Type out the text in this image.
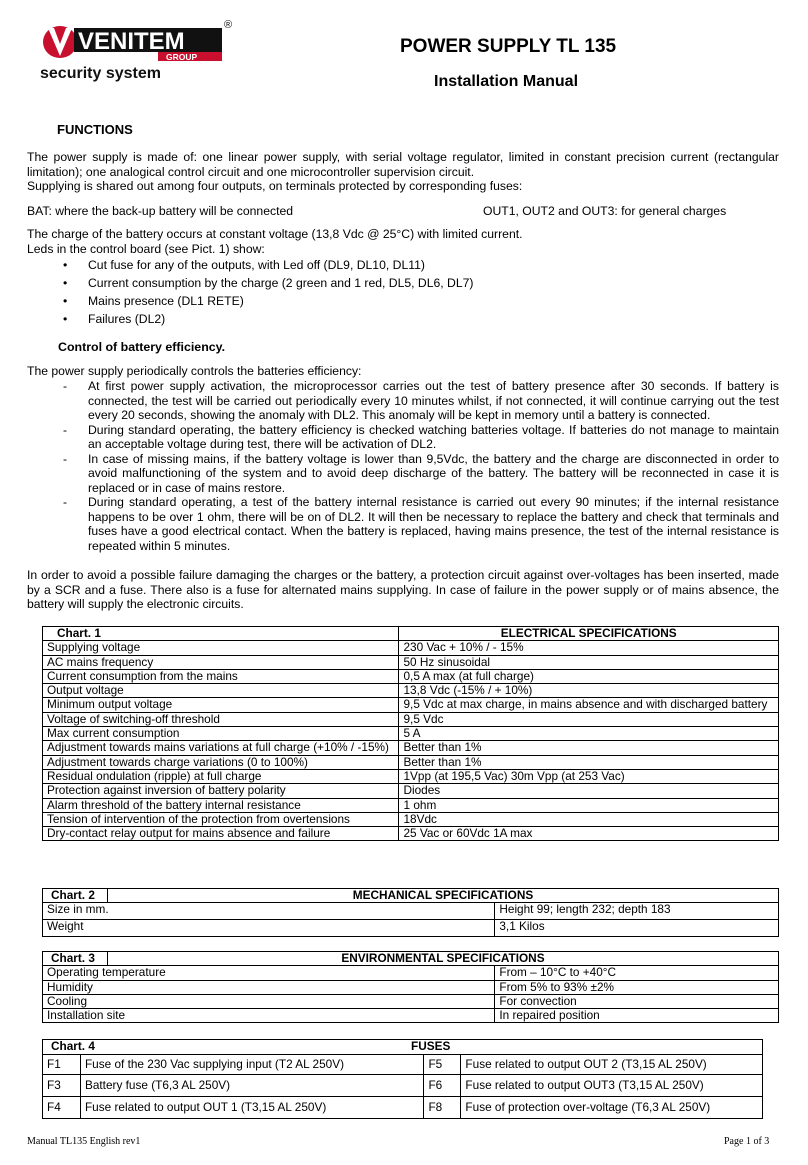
VENITEM
GROUP
security system
®
POWER SUPPLY TL 135
Installation Manual
FUNCTIONS

The power supply is made of: one linear power supply, with serial voltage regulator, limited in constant precision current (rectangular limitation); one analogical control circuit and one microcontroller supervision circuit.

Supplying is shared out among four outputs, on terminals protected by corresponding fuses:

BAT: where the back-up battery will be connected	OUT1, OUT2 and OUT3: for general charges

The charge of the battery occurs at constant voltage (13,8 Vdc @ 25°C) with limited current.

Leds in the control board (see Pict. 1) show:

• Cut fuse for any of the outputs, with Led off (DL9, DL10, DL11)
• Current consumption by the charge (2 green and 1 red, DL5, DL6, DL7)
• Mains presence (DL1 RETE)
• Failures (DL2)
Control of battery efficiency.
The power supply periodically controls the batteries efficiency:

- At first power supply activation, the microprocessor carries out the test of battery presence after 30 seconds. If battery is connected, the test will be carried out periodically every 10 minutes whilst, if not connected, it will continue carrying out the test every 20 seconds, showing the anomaly with DL2. This anomaly will be kept in memory until a battery is connected.

- During standard operating, the battery efficiency is checked watching batteries voltage. If batteries do not manage to maintain an acceptable voltage during test, there will be activation of DL2.

- In case of missing mains, if the battery voltage is lower than 9,5Vdc, the battery and the charge are disconnected in order to avoid malfunctioning of the system and to avoid deep discharge of the battery. The battery will be reconnected in case it is replaced or in case of mains restore.

- During standard operating, a test of the battery internal resistance is carried out every 90 minutes; if the internal resistance happens to be over 1 ohm, there will be on of DL2. It will then be necessary to replace the battery and check that terminals and fuses have a good electrical contact. When the battery is replaced, having mains presence, the test of the internal resistance is repeated within 5 minutes.

In order to avoid a possible failure damaging the charges or the battery, a protection circuit against over-voltages has been inserted, made by a SCR and a fuse. There also is a fuse for alternated mains supplying. In case of failure in the power supply or of mains absence, the battery will supply the electronic circuits.
Chart. 1	ELECTRICAL SPECIFICATIONS
Supplying voltage	230 Vac + 10% / - 15%
AC mains frequency	50 Hz sinusoidal
Current consumption from the mains	0,5 A max (at full charge)
Output voltage	13,8 Vdc (-15% / + 10%)
Minimum output voltage	9,5 Vdc at max charge, in mains absence and with discharged battery
Voltage of switching-off threshold	9,5 Vdc
Max current consumption	5 A
Adjustment towards mains variations at full charge (+10% / -15%)	Better than 1%
Adjustment towards charge variations (0 to 100%)	Better than 1%
Residual ondulation (ripple) at full charge	1Vpp (at 195,5 Vac) 30m Vpp (at 253 Vac)
Protection against inversion of battery polarity	Diodes
Alarm threshold of the battery internal resistance	1 ohm
Tension of intervention of the protection from overtensions	18Vdc
Dry-contact relay output for mains absence and failure	25 Vac or 60Vdc 1A max
Chart. 2	MECHANICAL SPECIFICATIONS	
Size in mm.		Height 99; length 232; depth 183
Weight		3,1 Kilos
Chart. 3	ENVIRONMENTAL SPECIFICATIONS	
Operating temperature		From – 10°C to +40°C
Humidity		From 5% to 93% ±2%
Cooling		For convection
Installation site		In repaired position
Chart. 4 FUSES			

F1	Fuse of the 230 Vac supplying input (T2 AL 250V)	F5	Fuse related to output OUT 2 (T3,15 AL 250V)
F3	Battery fuse (T6,3 AL 250V)	F6	Fuse related to output OUT3 (T3,15 AL 250V)
F4	Fuse related to output OUT 1 (T3,15 AL 250V)	F8	Fuse of protection over-voltage (T6,3 AL 250V)
Manual TL135 English rev1	Page 1 of 3
